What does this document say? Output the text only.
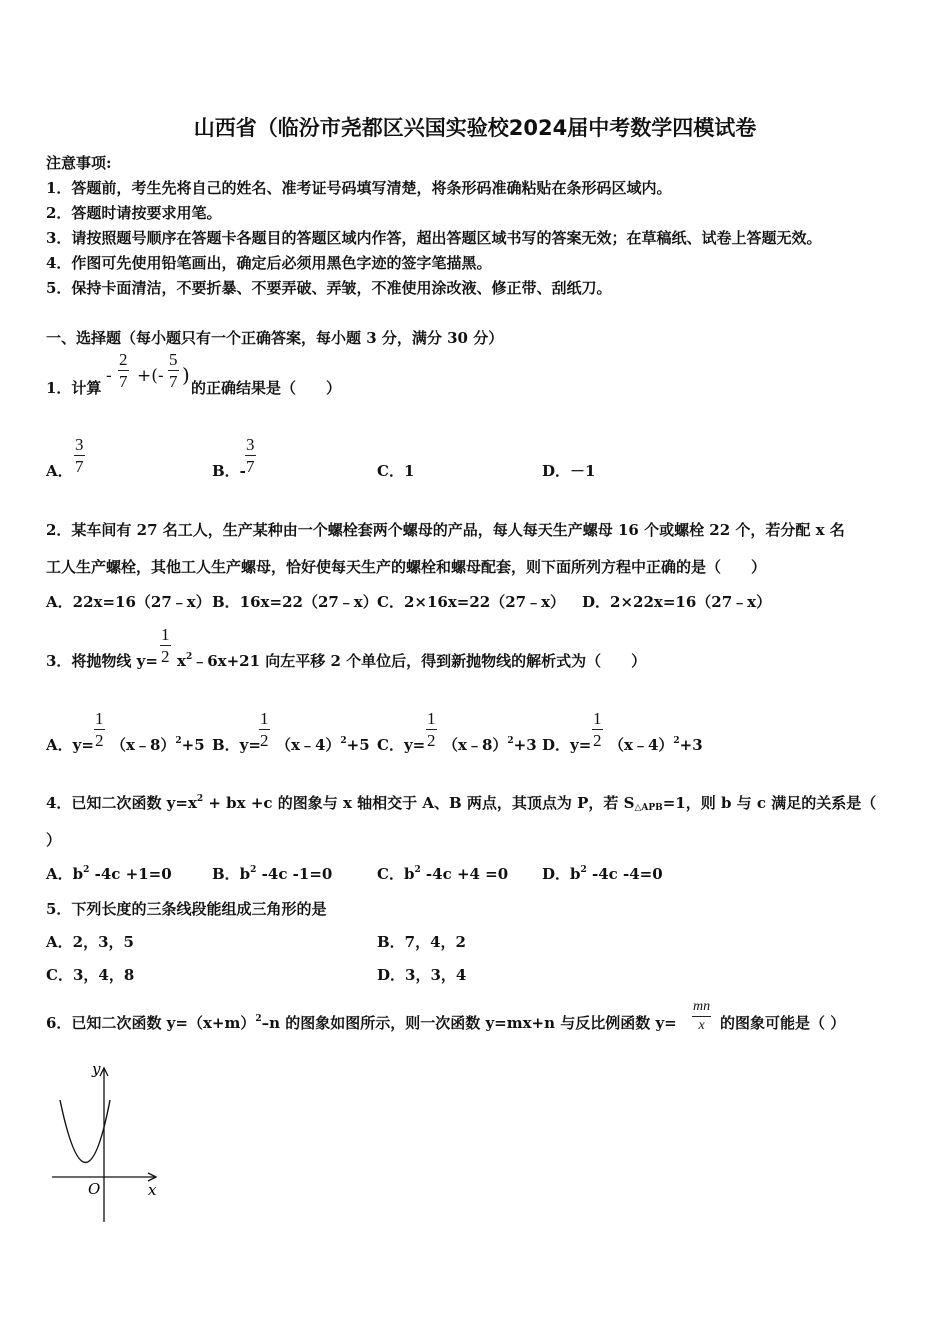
山西省（临汾市尧都区兴国实验校2024届中考数学四模试卷
注意事项:
1．答题前，考生先将自己的姓名、准考证号码填写清楚，将条形码准确粘贴在条形码区域内。
2．答题时请按要求用笔。
3．请按照题号顺序在答题卡各题目的答题区域内作答，超出答题区域书写的答案无效；在草稿纸、试卷上答题无效。
4．作图可先使用铅笔画出，确定后必须用黑色字迹的签字笔描黑。
5．保持卡面清洁，不要折暴、不要弄破、弄皱，不准使用涂改液、修正带、刮纸刀。
一、选择题（每小题只有一个正确答案，每小题 3 分，满分 30 分）
1．计算
-
2
7 +(-
5
7 )
的正确结果是（　　）
A．
3
7	B．-
3
7	C．1	D．－1
2．某车间有 27 名工人，生产某种由一个螺栓套两个螺母的产品，每人每天生产螺母 16 个或螺栓 22 个，若分配 x 名
工人生产螺栓，其他工人生产螺母，恰好使每天生产的螺栓和螺母配套，则下面所列方程中正确的是（　　）
A．22x=16（27﹣x） B．16x=22（27﹣x） C．2×16x=22（27﹣x） D．2×22x=16（27﹣x）
3．将抛物线 y=
1
2 $x^2﹣6x+21$ 向左平移 2 个单位后，得到新抛物线的解析式为（　　）
A．y=
1
2 （x﹣8）$^2$+5 B．y=
1
2 （x﹣4）$^2$+5 C．y=
1
2 （x﹣8）$^2$+3 D．y=
1
2 （x﹣4）$^2$+3
4．已知二次函数 $y=x^2$ + bx +c 的图象与 x 轴相交于 A、B 两点，其顶点为 P，若 $S_{\triangle APB}=1$，则 b 与 c 满足的关系是（
）
A．$b^2$ -4c +1=0	B．$b^2$ -4c -1=0	C．$b^2$ -4c +4 =0 D．$b^2$ -4c -4=0
5．下列长度的三条线段能组成三角形的是
A．2，3，5	B．7，4，2
C．3，4，8	D．3，3，4
6．已知二次函数 $y=(x+m)^2-n$ 的图象如图所示，则一次函数 y=mx+n 与反比例函数 y=
mn
x	的图象可能是（ ）
y
x
O
